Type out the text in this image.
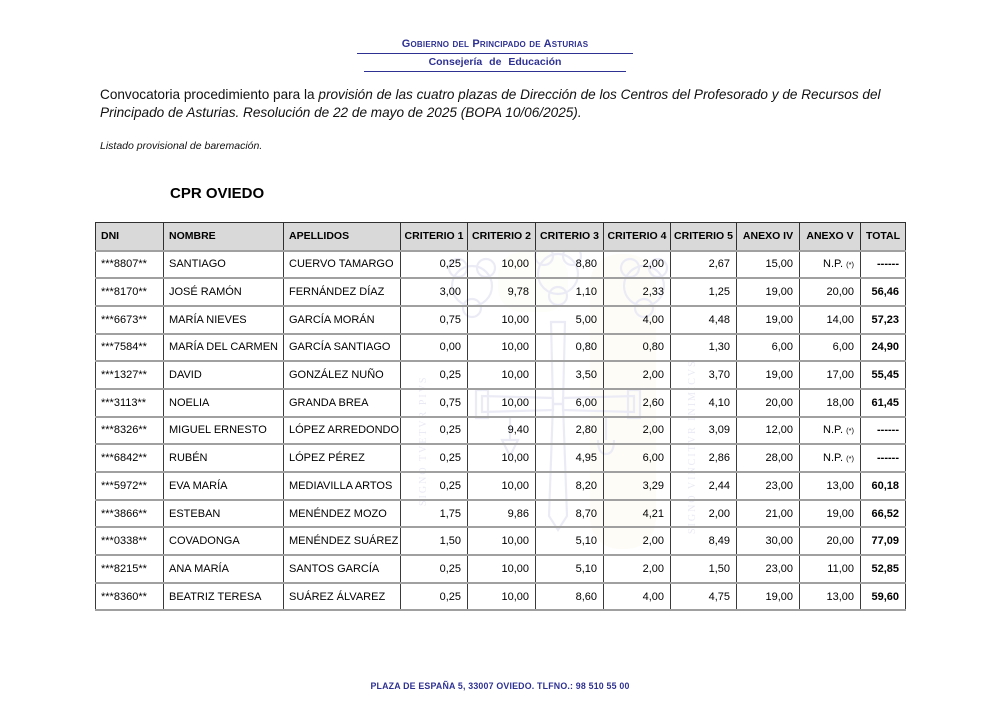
Gobierno del Principado de Asturias
Consejería de Educación
Convocatoria procedimiento para la provisión de las cuatro plazas de Dirección de los Centros del Profesorado y de Recursos del Principado de Asturias. Resolución de 22 de mayo de 2025 (BOPA 10/06/2025).
Listado provisional de baremación.
CPR OVIEDO
SIGNO TVETVR PIVS	SIGNO VINCITVR INIMICVS
DNI	NOMBRE	APELLIDOS	CRITERIO 1	CRITERIO 2	CRITERIO 3	CRITERIO 4	CRITERIO 5	ANEXO IV	ANEXO V	TOTAL
***8807**	SANTIAGO	CUERVO TAMARGO	0,25	10,00	8,80	2,00	2,67	15,00	N.P. (*)	------
***8170**	JOSÉ RAMÓN	FERNÁNDEZ DÍAZ	3,00	9,78	1,10	2,33	1,25	19,00	20,00	56,46
***6673**	MARÍA NIEVES	GARCÍA MORÁN	0,75	10,00	5,00	4,00	4,48	19,00	14,00	57,23
***7584**	MARÍA DEL CARMEN	GARCÍA SANTIAGO	0,00	10,00	0,80	0,80	1,30	6,00	6,00	24,90
***1327**	DAVID	GONZÁLEZ NUÑO	0,25	10,00	3,50	2,00	3,70	19,00	17,00	55,45
***3113**	NOELIA	GRANDA BREA	0,75	10,00	6,00	2,60	4,10	20,00	18,00	61,45
***8326**	MIGUEL ERNESTO	LÓPEZ ARREDONDO	0,25	9,40	2,80	2,00	3,09	12,00	N.P. (*)	------
***6842**	RUBÉN	LÓPEZ PÉREZ	0,25	10,00	4,95	6,00	2,86	28,00	N.P. (*)	------
***5972**	EVA MARÍA	MEDIAVILLA ARTOS	0,25	10,00	8,20	3,29	2,44	23,00	13,00	60,18
***3866**	ESTEBAN	MENÉNDEZ MOZO	1,75	9,86	8,70	4,21	2,00	21,00	19,00	66,52
***0338**	COVADONGA	MENÉNDEZ SUÁREZ	1,50	10,00	5,10	2,00	8,49	30,00	20,00	77,09
***8215**	ANA MARÍA	SANTOS GARCÍA	0,25	10,00	5,10	2,00	1,50	23,00	11,00	52,85
***8360**	BEATRIZ TERESA	SUÁREZ ÁLVAREZ	0,25	10,00	8,60	4,00	4,75	19,00	13,00	59,60
PLAZA DE ESPAÑA 5, 33007 OVIEDO. TLFNO.: 98 510 55 00
